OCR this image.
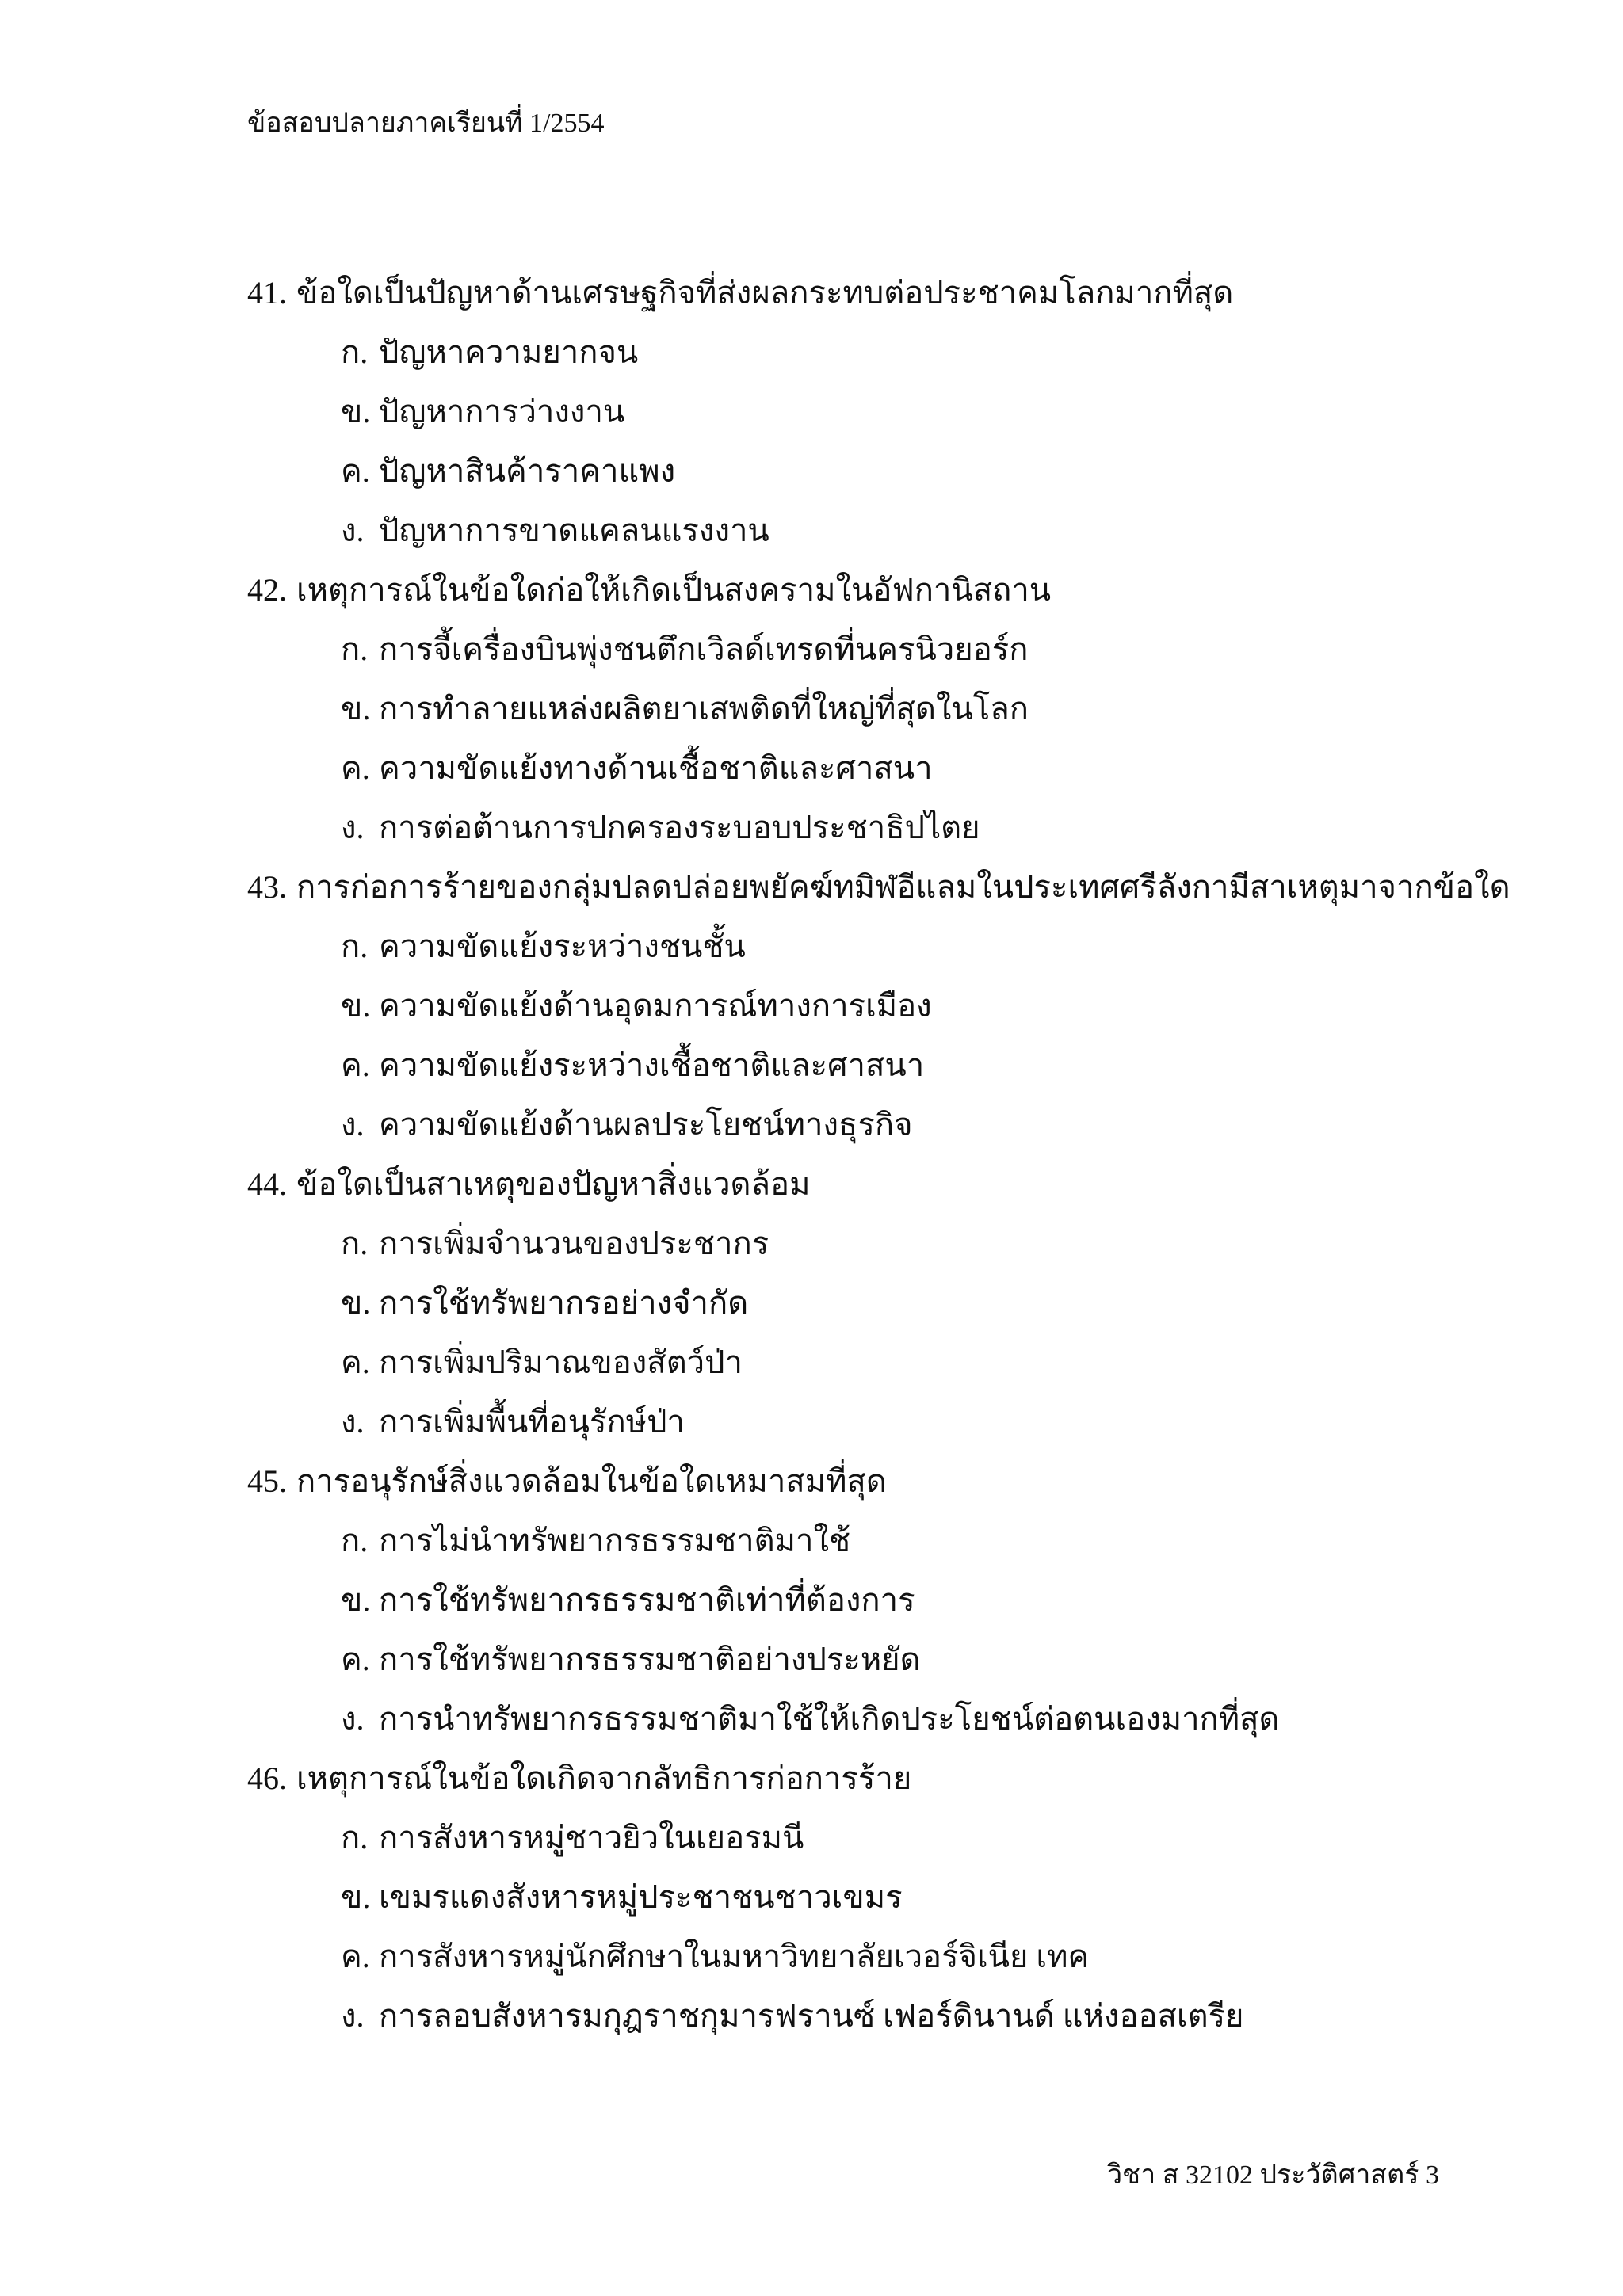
ข้อสอบปลายภาคเรียนที่ 1/2554
41. ข้อใดเป็นปัญหาด้านเศรษฐกิจที่ส่งผลกระทบต่อประชาคมโลกมากที่สุด
ก. ปัญหาความยากจน
ข. ปัญหาการว่างงาน
ค. ปัญหาสินค้าราคาแพง
ง. ปัญหาการขาดแคลนแรงงาน
42. เหตุการณ์ในข้อใดก่อให้เกิดเป็นสงครามในอัฟกานิสถาน
ก. การจี้เครื่องบินพุ่งชนตึกเวิลด์เทรดที่นครนิวยอร์ก
ข. การทำลายแหล่งผลิตยาเสพติดที่ใหญ่ที่สุดในโลก
ค. ความขัดแย้งทางด้านเชื้อชาติและศาสนา
ง. การต่อต้านการปกครองระบอบประชาธิปไตย
43. การก่อการร้ายของกลุ่มปลดปล่อยพยัคฆ์ทมิฬอีแลมในประเทศศรีลังกามีสาเหตุมาจากข้อใด
ก. ความขัดแย้งระหว่างชนชั้น
ข. ความขัดแย้งด้านอุดมการณ์ทางการเมือง
ค. ความขัดแย้งระหว่างเชื้อชาติและศาสนา
ง. ความขัดแย้งด้านผลประโยชน์ทางธุรกิจ
44. ข้อใดเป็นสาเหตุของปัญหาสิ่งแวดล้อม
ก. การเพิ่มจำนวนของประชากร
ข. การใช้ทรัพยากรอย่างจำกัด
ค. การเพิ่มปริมาณของสัตว์ป่า
ง. การเพิ่มพื้นที่อนุรักษ์ป่า
45. การอนุรักษ์สิ่งแวดล้อมในข้อใดเหมาสมที่สุด
ก. การไม่นำทรัพยากรธรรมชาติมาใช้
ข. การใช้ทรัพยากรธรรมชาติเท่าที่ต้องการ
ค. การใช้ทรัพยากรธรรมชาติอย่างประหยัด
ง. การนำทรัพยากรธรรมชาติมาใช้ให้เกิดประโยชน์ต่อตนเองมากที่สุด
46. เหตุการณ์ในข้อใดเกิดจากลัทธิการก่อการร้าย
ก. การสังหารหมู่ชาวยิวในเยอรมนี
ข. เขมรแดงสังหารหมู่ประชาชนชาวเขมร
ค. การสังหารหมู่นักศึกษาในมหาวิทยาลัยเวอร์จิเนีย เทค
ง. การลอบสังหารมกุฎราชกุมารฟรานซ์ เฟอร์ดินานด์ แห่งออสเตรีย
วิชา ส 32102 ประวัติศาสตร์ 3
